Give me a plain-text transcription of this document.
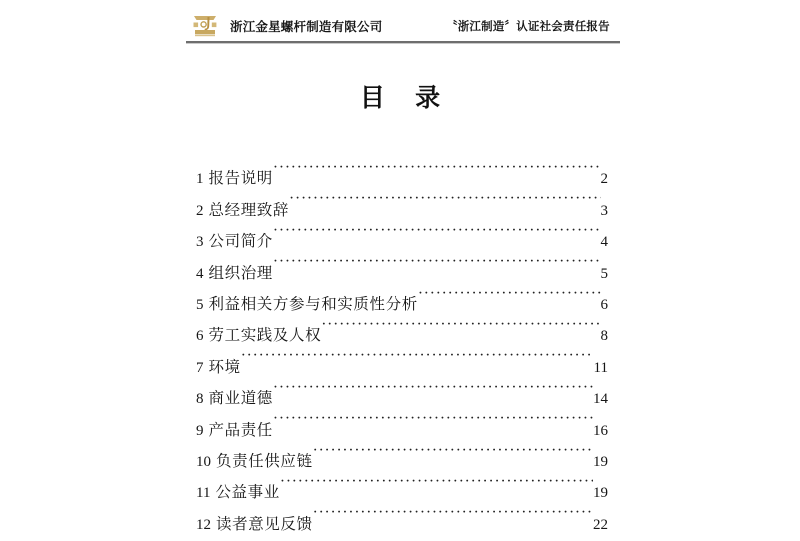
浙江金星螺杆制造有限公司	〝浙江制造〞认证社会责任报告
目 录
1 报告说明 ·····	2
2 总经理致辞 ·····	3
3 公司简介 ·····	4
4 组织治理 ·····	5
5 利益相关方参与和实质性分析 ·····	6
6 劳工实践及人权 ·····	8
7 环境 ·····	11
8 商业道德 ·····	14
9 产品责任 ·····	16
10 负责任供应链 ·····	19
11 公益事业 ·····	19
12 读者意见反馈 ·····	22
